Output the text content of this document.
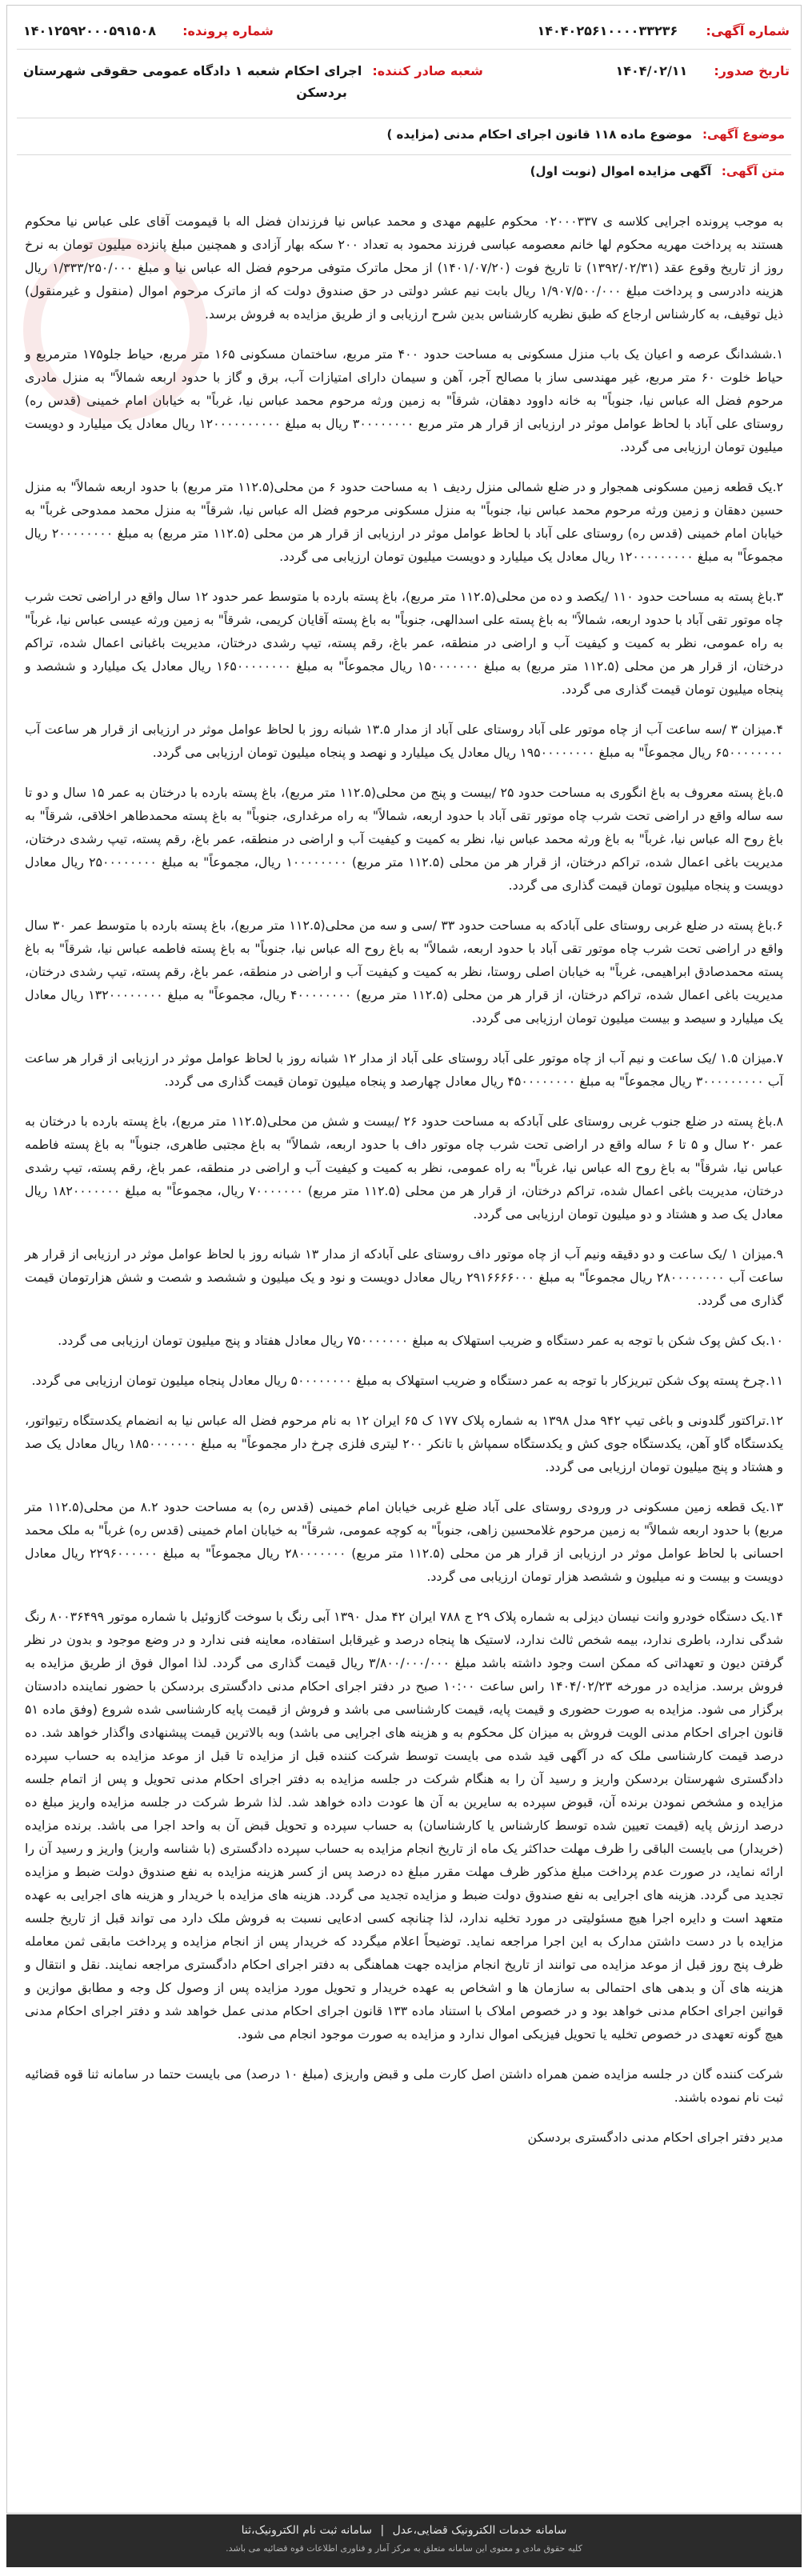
شماره آگهی: ۱۴۰۴۰۲۵۶۱۰۰۰۰۳۳۲۳۶
شماره پرونده: ۱۴۰۱۲۵۹۲۰۰۰۵۹۱۵۰۸
تاریخ صدور: ۱۴۰۴/۰۲/۱۱
شعبه صادر کننده: اجرای احکام شعبه ۱ دادگاه عمومی حقوقی شهرستان
بردسکن
موضوع آگهی: موضوع ماده ۱۱۸ قانون اجرای احکام مدنی (مزایده )
متن آگهی: آگهی مزایده اموال (نوبت اول)

به موجب پرونده اجرایی کلاسه ی ۰۲۰۰۰۳۳۷ محکوم علیهم مهدی و محمد عباس نیا فرزندان فضل اله با قیمومت آقای علی عباس نیا محکوم هستند به پرداخت مهریه محکوم لها خانم معصومه عباسی فرزند محمود به تعداد ۲۰۰ سکه بهار آزادی و همچنین مبلغ پانزده میلیون تومان به نرخ روز از تاریخ وقوع عقد (۱۳۹۲/۰۲/۳۱) تا تاریخ فوت (۱۴۰۱/۰۷/۲۰) از محل ماترک متوفی مرحوم فضل اله عباس نیا و مبلغ ۱/۳۳۳/۲۵۰/۰۰۰ ریال هزینه دادرسی و پرداخت مبلغ ۱/۹۰۷/۵۰۰/۰۰۰ ریال بابت نیم عشر دولتی در حق صندوق دولت که از ماترک مرحوم اموال (منقول و غیرمنقول) ذیل توقیف، به کارشناس ارجاع که طبق نظریه کارشناس بدین شرح ارزیابی و از طریق مزایده به فروش برسد.

۱.ششدانگ عرصه و اعیان یک باب منزل مسکونی به مساحت حدود ۴۰۰ متر مربع، ساختمان مسکونی ۱۶۵ متر مربع، حیاط جلو۱۷۵ مترمربع و حیاط خلوت ۶۰ متر مربع، غیر مهندسی ساز با مصالح آجر، آهن و سیمان دارای امتیازات آب، برق و گاز با حدود اربعه شمالاً" به منزل مادری مرحوم فضل اله عباس نیا، جنوباً" به خانه داوود دهقان، شرقاً" به زمین ورثه مرحوم محمد عباس نیا، غرباً" به خیابان امام خمینی (قدس ره) روستای علی آباد با لحاظ عوامل موثر در ارزیابی از قرار هر متر مربع ۳۰۰۰۰۰۰۰۰ ریال به مبلغ ۱۲۰۰۰۰۰۰۰۰۰۰ ریال معادل یک میلیارد و دویست میلیون تومان ارزیابی می گردد.

۲.یک قطعه زمین مسکونی همجوار و در ضلع شمالی منزل ردیف ۱ به مساحت حدود ۶ من محلی(۱۱۲.۵ متر مربع) با حدود اربعه شمالاً" به منزل حسین دهقان و زمین ورثه مرحوم محمد عباس نیا، جنوباً" به منزل مسکونی مرحوم فضل اله عباس نیا، شرقاً" به منزل محمد ممدوحی غرباً" به خیابان امام خمینی (قدس ره) روستای علی آباد با لحاظ عوامل موثر در ارزیابی از قرار هر من محلی (۱۱۲.۵ متر مربع) به مبلغ ۲۰۰۰۰۰۰۰۰ ریال مجموعاً" به مبلغ ۱۲۰۰۰۰۰۰۰۰۰ ریال معادل یک میلیارد و دویست میلیون تومان ارزیابی می گردد.

۳.باغ پسته به مساحت حدود ۱۱۰ /یکصد و ده من محلی(۱۱۲.۵ متر مربع)، باغ پسته بارده با متوسط عمر حدود ۱۲ سال واقع در اراضی تحت شرب چاه موتور تقی آباد با حدود اربعه، شمالاً" به باغ پسته علی اسدالهی، جنوباً" به باغ پسته آقایان کریمی، شرقاً" به زمین ورثه عیسی عباس نیا، غرباً" به راه عمومی، نظر به کمیت و کیفیت آب و اراضی در منطقه، عمر باغ، رقم پسته، تیپ رشدی درختان، مدیریت باغبانی اعمال شده، تراکم درختان، از قرار هر من محلی (۱۱۲.۵ متر مربع) به مبلغ ۱۵۰۰۰۰۰۰۰ ریال مجموعاً" به مبلغ ۱۶۵۰۰۰۰۰۰۰۰ ریال معادل یک میلیارد و ششصد و پنجاه میلیون تومان قیمت گذاری می گردد.

۴.میزان ۳ /سه ساعت آب از چاه موتور علی آباد روستای علی آباد از مدار ۱۳.۵ شبانه روز با لحاظ عوامل موثر در ارزیابی از قرار هر ساعت آب ۶۵۰۰۰۰۰۰۰۰ ریال مجموعاً" به مبلغ ۱۹۵۰۰۰۰۰۰۰۰ ریال معادل یک میلیارد و نهصد و پنجاه میلیون تومان ارزیابی می گردد.

۵.باغ پسته معروف به باغ انگوری به مساحت حدود ۲۵ /بیست و پنج من محلی(۱۱۲.۵ متر مربع)، باغ پسته بارده با درختان به عمر ۱۵ سال و دو تا سه ساله واقع در اراضی تحت شرب چاه موتور تقی آباد با حدود اربعه، شمالاً" به راه مرغداری، جنوباً" به باغ پسته محمدطاهر اخلاقی، شرقاً" به باغ روح اله عباس نیا، غرباً" به باغ ورثه محمد عباس نیا، نظر به کمیت و کیفیت آب و اراضی در منطقه، عمر باغ، رقم پسته، تیپ رشدی درختان، مدیریت باغی اعمال شده، تراکم درختان، از قرار هر من محلی (۱۱۲.۵ متر مربع) ۱۰۰۰۰۰۰۰۰ ریال، مجموعاً" به مبلغ ۲۵۰۰۰۰۰۰۰۰ ریال معادل دویست و پنجاه میلیون تومان قیمت گذاری می گردد.

۶.باغ پسته در ضلع غربی روستای علی آبادکه به مساحت حدود ۳۳ /سی و سه من محلی(۱۱۲.۵ متر مربع)، باغ پسته بارده با متوسط عمر ۳۰ سال واقع در اراضی تحت شرب چاه موتور تقی آباد با حدود اربعه، شمالاً" به باغ روح اله عباس نیا، جنوباً" به باغ پسته فاطمه عباس نیا، شرقاً" به باغ پسته محمدصادق ابراهیمی، غرباً" به خیابان اصلی روستا، نظر به کمیت و کیفیت آب و اراضی در منطقه، عمر باغ، رقم پسته، تیپ رشدی درختان، مدیریت باغی اعمال شده، تراکم درختان، از قرار هر من محلی (۱۱۲.۵ متر مربع) ۴۰۰۰۰۰۰۰۰ ریال، مجموعاً" به مبلغ ۱۳۲۰۰۰۰۰۰۰۰ ریال معادل یک میلیارد و سیصد و بیست میلیون تومان ارزیابی می گردد.

۷.میزان ۱.۵ /یک ساعت و نیم آب از چاه موتور علی آباد روستای علی آباد از مدار ۱۲ شبانه روز با لحاظ عوامل موثر در ارزیابی از قرار هر ساعت آب ۳۰۰۰۰۰۰۰۰۰ ریال مجموعاً" به مبلغ ۴۵۰۰۰۰۰۰۰۰ ریال معادل چهارصد و پنجاه میلیون تومان قیمت گذاری می گردد.

۸.باغ پسته در ضلع جنوب غربی روستای علی آبادکه به مساحت حدود ۲۶ /بیست و شش من محلی(۱۱۲.۵ متر مربع)، باغ پسته بارده با درختان به عمر ۲۰ سال و ۵ تا ۶ ساله واقع در اراضی تحت شرب چاه موتور داف با حدود اربعه، شمالاً" به باغ مجتبی طاهری، جنوباً" به باغ پسته فاطمه عباس نیا، شرقاً" به باغ روح اله عباس نیا، غرباً" به راه عمومی، نظر به کمیت و کیفیت آب و اراضی در منطقه، عمر باغ، رقم پسته، تیپ رشدی درختان، مدیریت باغی اعمال شده، تراکم درختان، از قرار هر من محلی (۱۱۲.۵ متر مربع) ۷۰۰۰۰۰۰۰ ریال، مجموعاً" به مبلغ ۱۸۲۰۰۰۰۰۰۰ ریال معادل یک صد و هشتاد و دو میلیون تومان ارزیابی می گردد.

۹.میزان ۱ /یک ساعت و دو دقیقه ونیم آب از چاه موتور داف روستای علی آبادکه از مدار ۱۳ شبانه روز با لحاظ عوامل موثر در ارزیابی از قرار هر ساعت آب ۲۸۰۰۰۰۰۰۰۰ ریال مجموعاً" به مبلغ ۲۹۱۶۶۶۶۰۰۰ ریال معادل دویست و نود و یک میلیون و ششصد و شصت و شش هزارتومان قیمت گذاری می گردد.

۱۰.بک کش پوک شکن با توجه به عمر دستگاه و ضریب استهلاک به مبلغ ۷۵۰۰۰۰۰۰۰ ریال معادل هفتاد و پنج میلیون تومان ارزیابی می گردد.

۱۱.چرخ پسته پوک شکن تبریزکار با توجه به عمر دستگاه و ضریب استهلاک به مبلغ ۵۰۰۰۰۰۰۰۰ ریال معادل پنجاه میلیون تومان ارزیابی می گردد.

۱۲.تراکتور گلدونی و باغی تیپ ۹۴۲ مدل ۱۳۹۸ به شماره پلاک ۱۷۷ ک ۶۵ ایران ۱۲ به نام مرحوم فضل اله عباس نیا به انضمام یکدستگاه رتیواتور، یکدستگاه گاو آهن، یکدستگاه جوی کش و یکدستگاه سمپاش با تانکر ۲۰۰ لیتری فلزی چرخ دار مجموعاً" به مبلغ ۱۸۵۰۰۰۰۰۰۰ ریال معادل یک صد و هشتاد و پنج میلیون تومان ارزیابی می گردد.

۱۳.یک قطعه زمین مسکونی در ورودی روستای علی آباد ضلع غربی خیابان امام خمینی (قدس ره) به مساحت حدود ۸.۲ من محلی(۱۱۲.۵ متر مربع) با حدود اربعه شمالاً" به زمین مرحوم غلامحسین زاهی، جنوباً" به کوچه عمومی، شرقاً" به خیابان امام خمینی (قدس ره) غرباً" به ملک محمد احسانی با لحاظ عوامل موثر در ارزیابی از قرار هر من محلی (۱۱۲.۵ متر مربع) ۲۸۰۰۰۰۰۰۰ ریال مجموعاً" به مبلغ ۲۲۹۶۰۰۰۰۰۰ ریال معادل دویست و بیست و نه میلیون و ششصد هزار تومان ارزیابی می گردد.

۱۴.یک دستگاه خودرو وانت نیسان دیزلی به شماره پلاک ۲۹ ج ۷۸۸ ایران ۴۲ مدل ۱۳۹۰ آبی رنگ با سوخت گازوئیل با شماره موتور ۸۰۰۳۶۴۹۹ رنگ شدگی ندارد، باطری ندارد، بیمه شخص ثالث ندارد، لاستیک ها پنجاه درصد و غیرقابل استفاده، معاینه فنی ندارد و در وضع موجود و بدون در نظر گرفتن دیون و تعهداتی که ممکن است وجود داشته باشد مبلغ ۳/۸۰۰/۰۰۰/۰۰۰ ریال قیمت گذاری می گردد. لذا اموال فوق از طریق مزایده به فروش برسد. مزایده در مورخه ۱۴۰۴/۰۲/۲۳ راس ساعت ۱۰:۰۰ صبح در دفتر اجرای احکام مدنی دادگستری بردسکن با حضور نماینده دادستان برگزار می شود. مزایده به صورت حضوری و قیمت پایه، قیمت کارشناسی می باشد و فروش از قیمت پایه کارشناسی شده شروع (وفق ماده ۵۱ قانون اجرای احکام مدنی الویت فروش به میزان کل محکوم به و هزینه های اجرایی می باشد) وبه بالاترین قیمت پیشنهادی واگذار خواهد شد. ده درصد قیمت کارشناسی ملک که در آگهی قید شده می بایست توسط شرکت کننده قبل از مزایده تا قبل از موعد مزایده به حساب سپرده دادگستری شهرستان بردسکن واریز و رسید آن را به هنگام شرکت در جلسه مزایده به دفتر اجرای احکام مدنی تحویل و پس از اتمام جلسه مزایده و مشخص نمودن برنده آن، قبوض سپرده به سایرین به آن ها عودت داده خواهد شد. لذا شرط شرکت در جلسه مزایده واریز مبلغ ده درصد ارزش پایه (قیمت تعیین شده توسط کارشناس یا کارشناسان) به حساب سپرده و تحویل قبض آن به واحد اجرا می باشد. برنده مزایده (خریدار) می بایست الباقی را ظرف مهلت حداکثر یک ماه از تاریخ انجام مزایده به حساب سپرده دادگستری (با شناسه واریز) واریز و رسید آن را ارائه نماید، در صورت عدم پرداخت مبلغ مذکور ظرف مهلت مقرر مبلغ ده درصد پس از کسر هزینه مزایده به نفع صندوق دولت ضبط و مزایده تجدید می گردد. هزینه های اجرایی به نفع صندوق دولت ضبط و مزایده تجدید می گردد. هزینه های مزایده با خریدار و هزینه های اجرایی به عهده متعهد است و دایره اجرا هیچ مسئولیتی در مورد تخلیه ندارد، لذا چنانچه کسی ادعایی نسبت به فروش ملک دارد می تواند قبل از تاریخ جلسه مزایده با در دست داشتن مدارک به این اجرا مراجعه نماید. توضیحاً اعلام میگردد که خریدار پس از انجام مزایده و پرداخت مابقی ثمن معامله ظرف پنج روز قبل از موعد مزایده می توانند از تاریخ انجام مزایده جهت هماهنگی به دفتر اجرای احکام دادگستری مراجعه نمایند. نقل و انتقال و هزینه های آن و بدهی های احتمالی به سازمان ها و اشخاص به عهده خریدار و تحویل مورد مزایده پس از وصول کل وجه و مطابق موازین و قوانین اجرای احکام مدنی خواهد بود و در خصوص املاک با استناد ماده ۱۳۳ قانون اجرای احکام مدنی عمل خواهد شد و دفتر اجرای احکام مدنی هیچ گونه تعهدی در خصوص تخلیه یا تحویل فیزیکی اموال ندارد و مزایده به صورت موجود انجام می شود.

شرکت کننده گان در جلسه مزایده ضمن همراه داشتن اصل کارت ملی و قبض واریزی (مبلغ ۱۰ درصد) می بایست حتما در سامانه ثنا قوه قضائیه ثبت نام نموده باشند.

مدیر دفتر اجرای احکام مدنی دادگستری بردسکن

سامانه خدمات الکترونیک قضایی،عدل | سامانه ثبت نام الکترونیک،ثنا
کلیه حقوق مادی و معنوی این سامانه متعلق به مرکز آمار و فناوری اطلاعات قوه قضائیه می باشد.
